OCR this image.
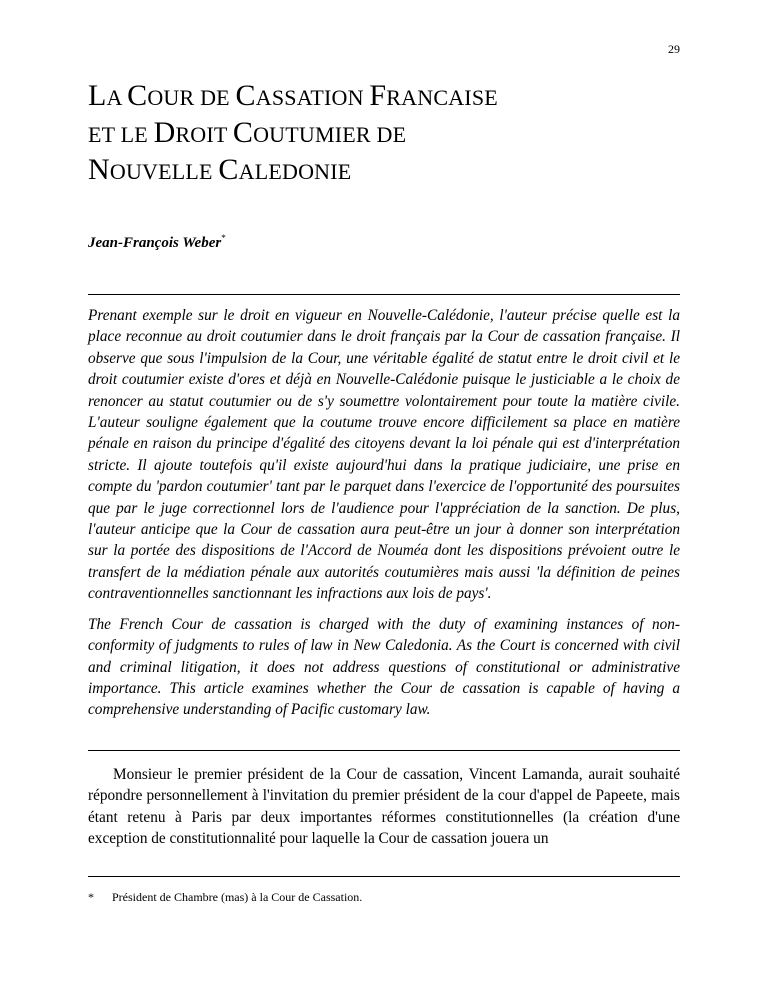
29
LA COUR DE CASSATION FRANCAISE
ET LE DROIT COUTUMIER DE
NOUVELLE CALEDONIE
Jean-François Weber*

Prenant exemple sur le droit en vigueur en Nouvelle-Calédonie, l'auteur précise quelle est la place reconnue au droit coutumier dans le droit français par la Cour de cassation française. Il observe que sous l'impulsion de la Cour, une véritable égalité de statut entre le droit civil et le droit coutumier existe d'ores et déjà en Nouvelle-Calédonie puisque le justiciable a le choix de renoncer au statut coutumier ou de s'y soumettre volontairement pour toute la matière civile. L'auteur souligne également que la coutume trouve encore difficilement sa place en matière pénale en raison du principe d'égalité des citoyens devant la loi pénale qui est d'interprétation stricte. Il ajoute toutefois qu'il existe aujourd'hui dans la pratique judiciaire, une prise en compte du 'pardon coutumier' tant par le parquet dans l'exercice de l'opportunité des poursuites que par le juge correctionnel lors de l'audience pour l'appréciation de la sanction. De plus, l'auteur anticipe que la Cour de cassation aura peut-être un jour à donner son interprétation sur la portée des dispositions de l'Accord de Nouméa dont les dispositions prévoient outre le transfert de la médiation pénale aux autorités coutumières mais aussi 'la définition de peines contraventionnelles sanctionnant les infractions aux lois de pays'.

The French Cour de cassation is charged with the duty of examining instances of non-conformity of judgments to rules of law in New Caledonia. As the Court is concerned with civil and criminal litigation, it does not address questions of constitutional or administrative importance. This article examines whether the Cour de cassation is capable of having a comprehensive understanding of Pacific customary law.

Monsieur le premier président de la Cour de cassation, Vincent Lamanda, aurait souhaité répondre personnellement à l'invitation du premier président de la cour d'appel de Papeete, mais étant retenu à Paris par deux importantes réformes constitutionnelles (la création d'une exception de constitutionnalité pour laquelle la Cour de cassation jouera un

* Président de Chambre (mas) à la Cour de Cassation.
